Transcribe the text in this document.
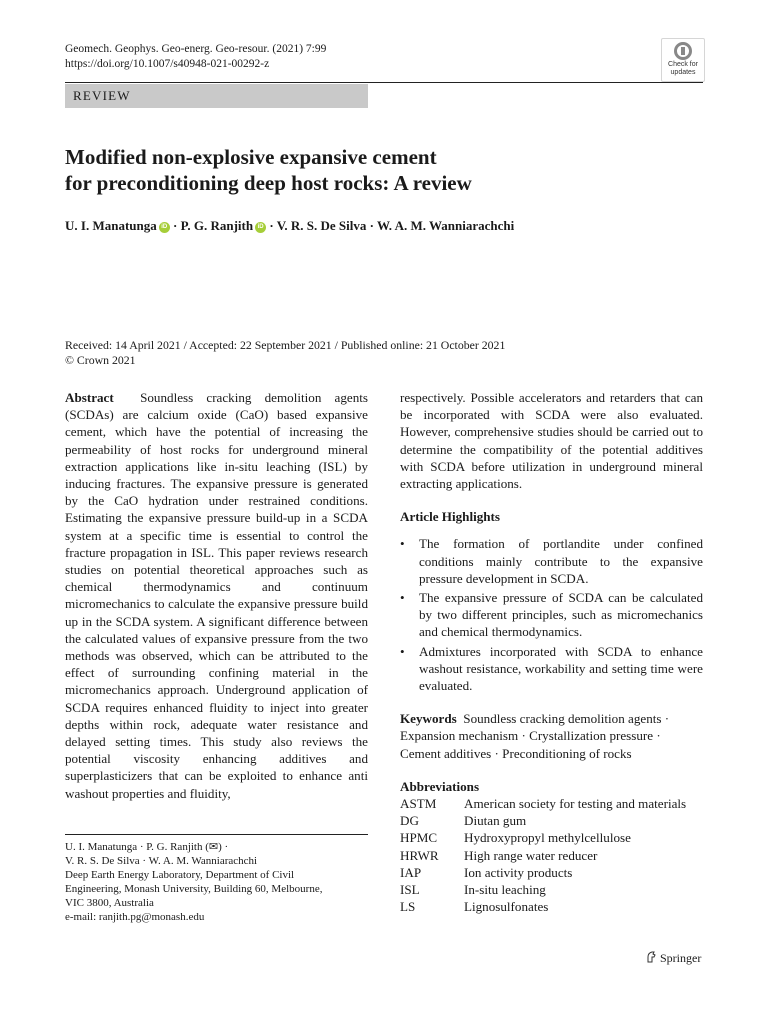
Geomech. Geophys. Geo-energ. Geo-resour. (2021) 7:99
https://doi.org/10.1007/s40948-021-00292-z	Check for
updates
REVIEW
Modified non-explosive expansive cement
for preconditioning deep host rocks: A review
U. I. Manatunga iD · P. G. Ranjith iD · V. R. S. De Silva · W. A. M. Wanniarachchi
Received: 14 April 2021 / Accepted: 22 September 2021 / Published online: 21 October 2021
© Crown 2021
Abstract Soundless cracking demolition agents (SCDAs) are calcium oxide (CaO) based expansive cement, which have the potential of increasing the permeability of host rocks for underground mineral extraction applications like in-situ leaching (ISL) by inducing fractures. The expansive pressure is generated by the CaO hydration under restrained conditions. Estimating the expansive pressure build-up in a SCDA system at a specific time is essential to control the fracture propagation in ISL. This paper reviews research studies on potential theoretical approaches such as chemical thermodynamics and continuum micromechanics to calculate the expansive pressure build up in the SCDA system. A significant difference between the calculated values of expansive pressure from the two methods was observed, which can be attributed to the effect of surrounding confining material in the micromechanics approach. Underground application of SCDA requires enhanced fluidity to inject into greater depths within rock, adequate water resistance and delayed setting times. This study also reviews the potential viscosity enhancing additives and superplasticizers that can be exploited to enhance anti washout properties and fluidity,
U. I. Manatunga · P. G. Ranjith (✉) ·
V. R. S. De Silva · W. A. M. Wanniarachchi
Deep Earth Energy Laboratory, Department of Civil
Engineering, Monash University, Building 60, Melbourne,
VIC 3800, Australia
e-mail: ranjith.pg@monash.edu
respectively. Possible accelerators and retarders that can be incorporated with SCDA were also evaluated. However, comprehensive studies should be carried out to determine the compatibility of the potential additives with SCDA before utilization in underground mineral extracting applications.
Article Highlights
• The formation of portlandite under confined conditions mainly contribute to the expansive pressure development in SCDA.
• The expansive pressure of SCDA can be calculated by two different principles, such as micromechanics and chemical thermodynamics.
• Admixtures incorporated with SCDA to enhance washout resistance, workability and setting time were evaluated.
Keywords Soundless cracking demolition agents · Expansion mechanism · Crystallization pressure · Cement additives · Preconditioning of rocks
Abbreviations
ASTM	American society for testing and materials
DG	Diutan gum
HPMC	Hydroxypropyl methylcellulose
HRWR	High range water reducer
IAP	Ion activity products
ISL	In-situ leaching
LS	Lignosulfonates
Springer
